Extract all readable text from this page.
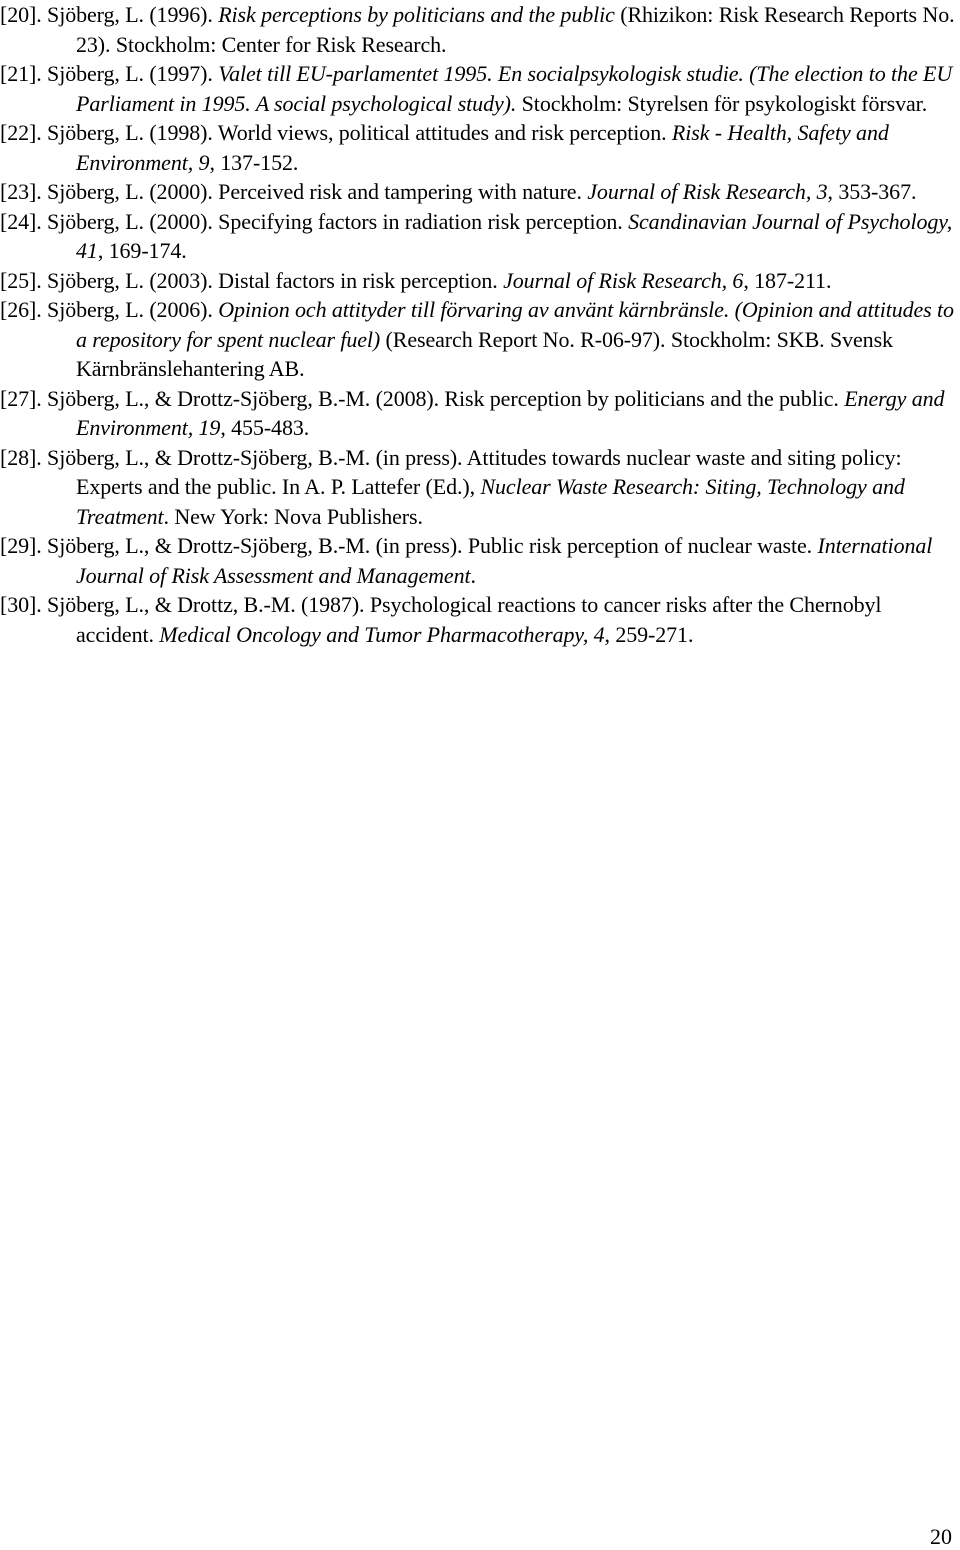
[20]. Sjöberg, L. (1996). Risk perceptions by politicians and the public (Rhizikon: Risk Research Reports No. 23). Stockholm: Center for Risk Research.
[21]. Sjöberg, L. (1997). Valet till EU-parlamentet 1995. En socialpsykologisk studie. (The election to the EU Parliament in 1995. A social psychological study). Stockholm: Styrelsen för psykologiskt försvar.
[22]. Sjöberg, L. (1998). World views, political attitudes and risk perception. Risk - Health, Safety and Environment, 9, 137-152.
[23]. Sjöberg, L. (2000). Perceived risk and tampering with nature. Journal of Risk Research, 3, 353-367.
[24]. Sjöberg, L. (2000). Specifying factors in radiation risk perception. Scandinavian Journal of Psychology, 41, 169-174.
[25]. Sjöberg, L. (2003). Distal factors in risk perception. Journal of Risk Research, 6, 187-211.
[26]. Sjöberg, L. (2006). Opinion och attityder till förvaring av använt kärnbränsle. (Opinion and attitudes to a repository for spent nuclear fuel) (Research Report No. R-06-97). Stockholm: SKB. Svensk Kärnbränslehantering AB.
[27]. Sjöberg, L., & Drottz-Sjöberg, B.-M. (2008). Risk perception by politicians and the public. Energy and Environment, 19, 455-483.
[28]. Sjöberg, L., & Drottz-Sjöberg, B.-M. (in press). Attitudes towards nuclear waste and siting policy: Experts and the public. In A. P. Lattefer (Ed.), Nuclear Waste Research: Siting, Technology and Treatment. New York: Nova Publishers.
[29]. Sjöberg, L., & Drottz-Sjöberg, B.-M. (in press). Public risk perception of nuclear waste. International Journal of Risk Assessment and Management.
[30]. Sjöberg, L., & Drottz, B.-M. (1987). Psychological reactions to cancer risks after the Chernobyl accident. Medical Oncology and Tumor Pharmacotherapy, 4, 259-271.
20
